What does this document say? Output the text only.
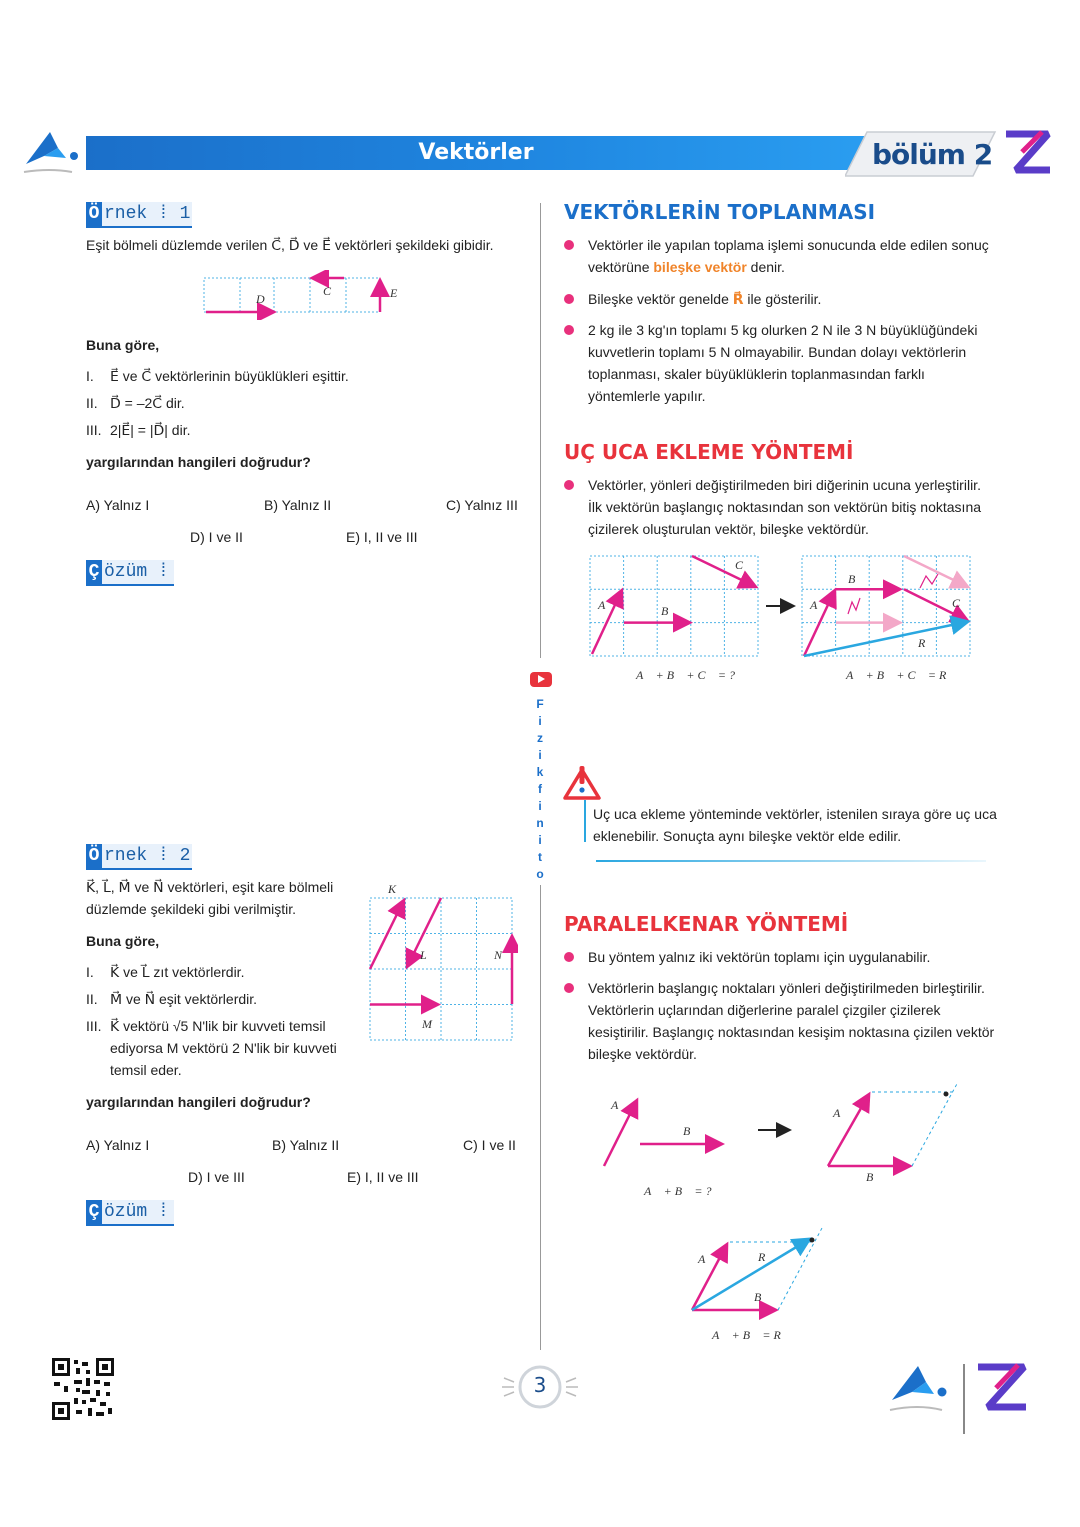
Vektörler	bölüm 2
F
i
z
i
k
f
i
n
i
t
o
Ö rnek ⁞ 1
Eşit bölmeli düzlemde verilen C⃗, D⃗ ve E⃗ vektörleri şekildeki gibidir.
D⃗
C⃗	E⃗
Buna göre,
I. E⃗ ve C⃗ vektörlerinin büyüklükleri eşittir.
II. D⃗ = –2C⃗ dir.
III. 2|E⃗| = |D⃗| dir.
yargılarından hangileri doğrudur?
A) Yalnız I	B) Yalnız II	C) Yalnız III
D) I ve II	E) I, II ve III
Ç özüm ⁞
Ö rnek ⁞ 2
K⃗, L⃗, M⃗ ve N⃗ vektörleri, eşit kare bölmeli düzlemde şekildeki gibi verilmiştir.
K⃗
L⃗	N⃗
M⃗
Buna göre,
I. K⃗ ve L⃗ zıt vektörlerdir.
II. M⃗ ve N⃗ eşit vektörlerdir.
III. K⃗ vektörü √5 N'lik bir kuvveti temsil ediyorsa M vektörü 2 N'lik bir kuvveti temsil eder.
yargılarından hangileri doğrudur?
A) Yalnız I	B) Yalnız II	C) I ve II
D) I ve III	E) I, II ve III
Ç özüm ⁞
VEKTÖRLERİN TOPLANMASI
Vektörler ile yapılan toplama işlemi sonucunda elde edilen sonuç vektörüne bileşke vektör denir.
Bileşke vektör genelde R⃗ ile gösterilir.
2 kg ile 3 kg'ın toplamı 5 kg olurken 2 N ile 3 N büyüklüğündeki kuvvetlerin toplamı 5 N olmayabilir. Bundan dolayı vektörlerin toplanması, skaler büyüklüklerin toplanmasından farklı yöntemlerle yapılır.
UÇ UCA EKLEME YÖNTEMİ
Vektörler, yönleri değiştirilmeden biri diğerinin ucuna yerleştirilir. İlk vektörün başlangıç noktasından son vektörün bitiş noktasına çizilerek oluşturulan vektör, bileşke vektördür.
A⃗	B⃗
C⃗
A⃗
B⃗
C⃗
R⃗
A⃗ + B⃗ + C⃗ = ?	A⃗ + B⃗ + C⃗ = R⃗
Uç uca ekleme yönteminde vektörler, istenilen sıraya göre uç uca eklenebilir. Sonuçta aynı bileşke vektör elde edilir.
PARALELKENAR YÖNTEMİ
Bu yöntem yalnız iki vektörün toplamı için uygulanabilir.
Vektörlerin başlangıç noktaları yönleri değiştirilmeden birleştirilir. Vektörlerin uçlarından diğerlerine paralel çizgiler çizilerek kesiştirilir. Başlangıç noktasından kesişim noktasına çizilen vektör bileşke vektördür.
A⃗
B⃗
A⃗
B⃗
A⃗ + B⃗ = ?
A⃗	R⃗
B⃗
A⃗ + B⃗ = R⃗
3
